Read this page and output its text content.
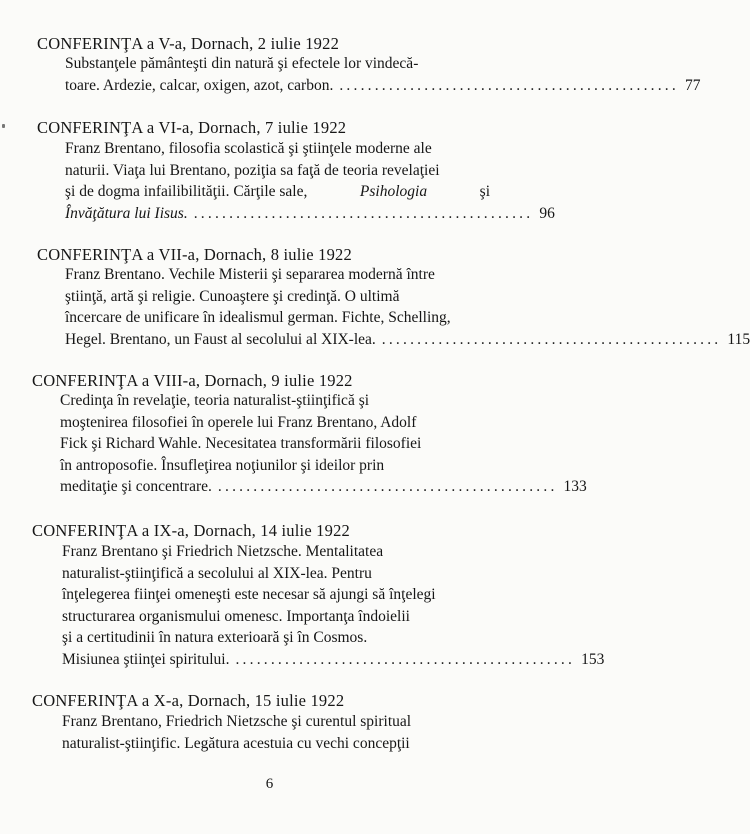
CONFERINŢA a V-a, Dornach, 2 iulie 1922
Substanţele pământeşti din natură şi efectele lor vindecă-
toare. Ardezie, calcar, oxigen, azot, carbon. ................................................ 77
CONFERINŢA a VI-a, Dornach, 7 iulie 1922
Franz Brentano, filosofia scolastică şi ştiinţele moderne ale
naturii. Viaţa lui Brentano, poziţia sa faţă de teoria revelaţiei
şi de dogma infailibilităţii. Cărţile sale,	Psihologia	şi
Învăţătura lui Iisus. ................................................ 96
CONFERINŢA a VII-a, Dornach, 8 iulie 1922
Franz Brentano. Vechile Misterii şi separarea modernă între
ştiinţă, artă şi religie. Cunoaştere şi credinţă. O ultimă
încercare de unificare în idealismul german. Fichte, Schelling,
Hegel. Brentano, un Faust al secolului al XIX-lea. ................................................ 115
CONFERINŢA a VIII-a, Dornach, 9 iulie 1922
Credinţa în revelaţie, teoria naturalist-ştiinţifică şi
moştenirea filosofiei în operele lui Franz Brentano, Adolf
Fick şi Richard Wahle. Necesitatea transformării filosofiei
în antroposofie. Însufleţirea noţiunilor şi ideilor prin
meditaţie şi concentrare. ................................................ 133
CONFERINŢA a IX-a, Dornach, 14 iulie 1922
Franz Brentano şi Friedrich Nietzsche. Mentalitatea
naturalist-ştiinţifică a secolului al XIX-lea. Pentru
înţelegerea fiinţei omeneşti este necesar să ajungi să înţelegi
structurarea organismului omenesc. Importanţa îndoielii
şi a certitudinii în natura exterioară şi în Cosmos.
Misiunea ştiinţei spiritului. ................................................ 153
CONFERINŢA a X-a, Dornach, 15 iulie 1922
Franz Brentano, Friedrich Nietzsche şi curentul spiritual
naturalist-ştiinţific. Legătura acestuia cu vechi concepţii
6
